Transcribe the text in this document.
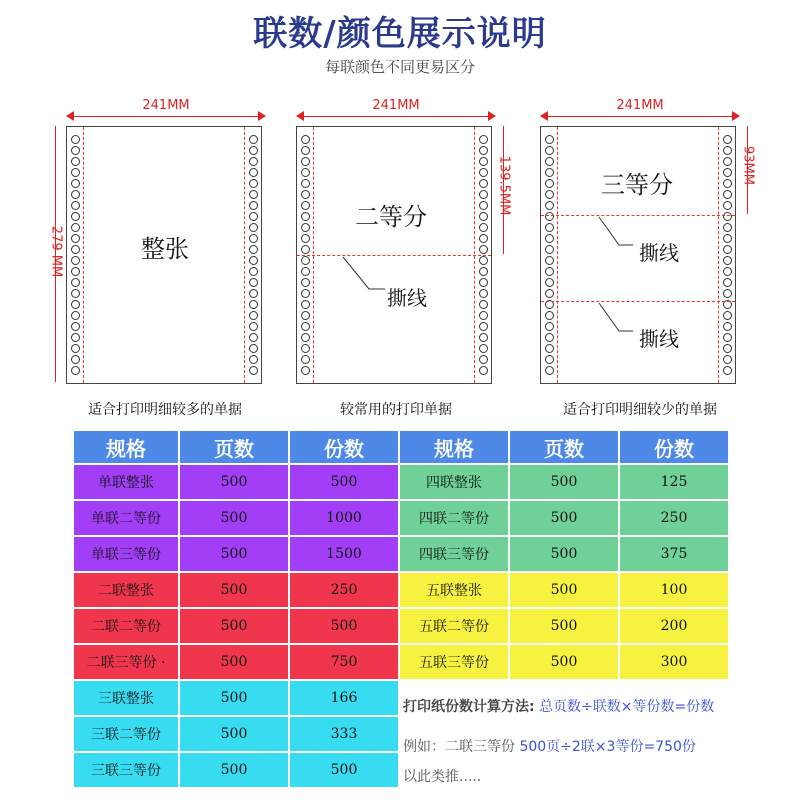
联数/颜色展示说明
每联颜色不同更易区分
241MM
整张
279 MM
适合打印明细较多的单据
241MM
二等分
撕线
139.5MM
较常用的打印单据
241MM
三等分
撕线
撕线
93MM
适合打印明细较少的单据
打印纸份数计算方法: 总页数÷联数×等份数=份数
例如：二联三等份 500页÷2联×3等份=750份
以此类推.....
规格	页数	份数	规格	页数	份数
单联整张	500	500
单联二等份	500	1000
单联三等份	500	1500
二联整张	500	250
二联二等份	500	500
二联三等份 ·	500	750
三联整张	500	166
三联二等份	500	333
三联三等份	500	500
四联整张	500	125
四联二等份	500	250
四联三等份	500	375
五联整张	500	100
五联二等份	500	200
五联三等份	500	300
